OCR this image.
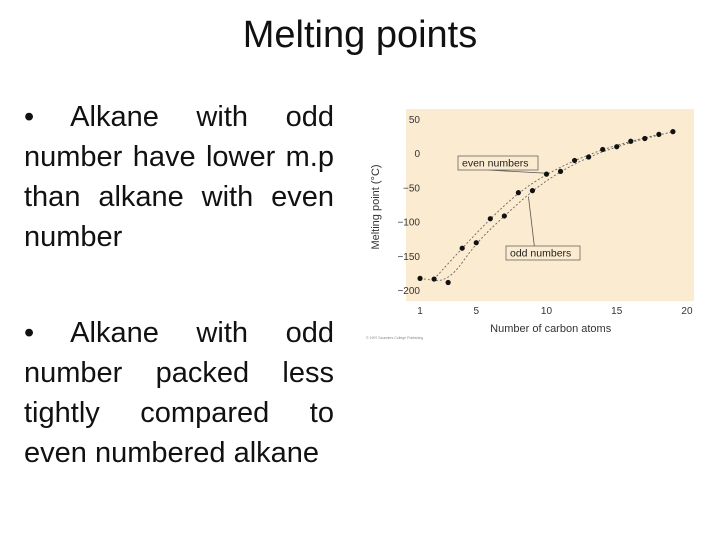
Melting points
• Alkane with odd number have lower m.p than alkane with even number
• Alkane with odd number packed less tightly compared to even numbered alkane
50
0
−50
−100
−150
−200
1	5	10	15	20
Number of carbon atoms
Melting point (°C)
even numbers
odd numbers
© 1997 Saunders College Publishing
